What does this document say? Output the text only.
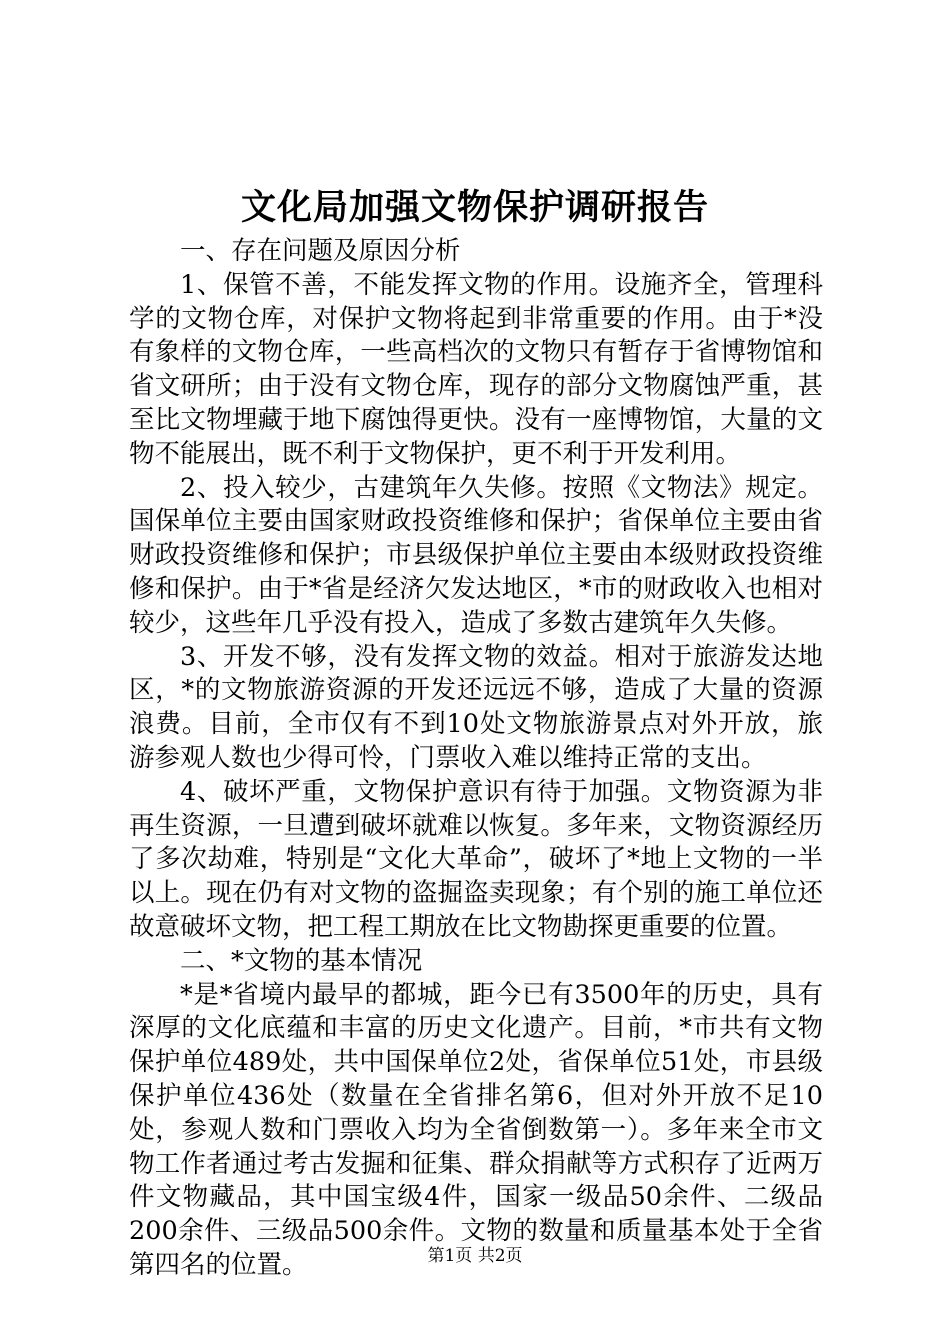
文化局加强文物保护调研报告

一、存在问题及原因分析

1、保管不善，不能发挥文物的作用。设施齐全，管理科学的文物仓库，对保护文物将起到非常重要的作用。由于*没有象样的文物仓库，一些高档次的文物只有暂存于省博物馆和省文研所；由于没有文物仓库，现存的部分文物腐蚀严重，甚至比文物埋藏于地下腐蚀得更快。没有一座博物馆，大量的文物不能展出，既不利于文物保护，更不利于开发利用。

2、投入较少，古建筑年久失修。按照《文物法》规定。国保单位主要由国家财政投资维修和保护；省保单位主要由省财政投资维修和保护；市县级保护单位主要由本级财政投资维修和保护。由于*省是经济欠发达地区，*市的财政收入也相对较少，这些年几乎没有投入，造成了多数古建筑年久失修。

3、开发不够，没有发挥文物的效益。相对于旅游发达地区，*的文物旅游资源的开发还远远不够，造成了大量的资源浪费。目前，全市仅有不到10处文物旅游景点对外开放，旅游参观人数也少得可怜，门票收入难以维持正常的支出。

4、破坏严重，文物保护意识有待于加强。文物资源为非再生资源，一旦遭到破坏就难以恢复。多年来，文物资源经历了多次劫难，特别是“文化大革命”，破坏了*地上文物的一半以上。现在仍有对文物的盗掘盗卖现象；有个别的施工单位还故意破坏文物，把工程工期放在比文物勘探更重要的位置。

二、*文物的基本情况

*是*省境内最早的都城，距今已有3500年的历史，具有深厚的文化底蕴和丰富的历史文化遗产。目前，*市共有文物保护单位489处，共中国保单位2处，省保单位51处，市县级保护单位436处（数量在全省排名第6，但对外开放不足10处，参观人数和门票收入均为全省倒数第一）。多年来全市文物工作者通过考古发掘和征集、群众捐献等方式积存了近两万件文物藏品，其中国宝级4件，国家一级品50余件、二级品200余件、三级品500余件。文物的数量和质量基本处于全省第四名的位置。	第1页 共2页
